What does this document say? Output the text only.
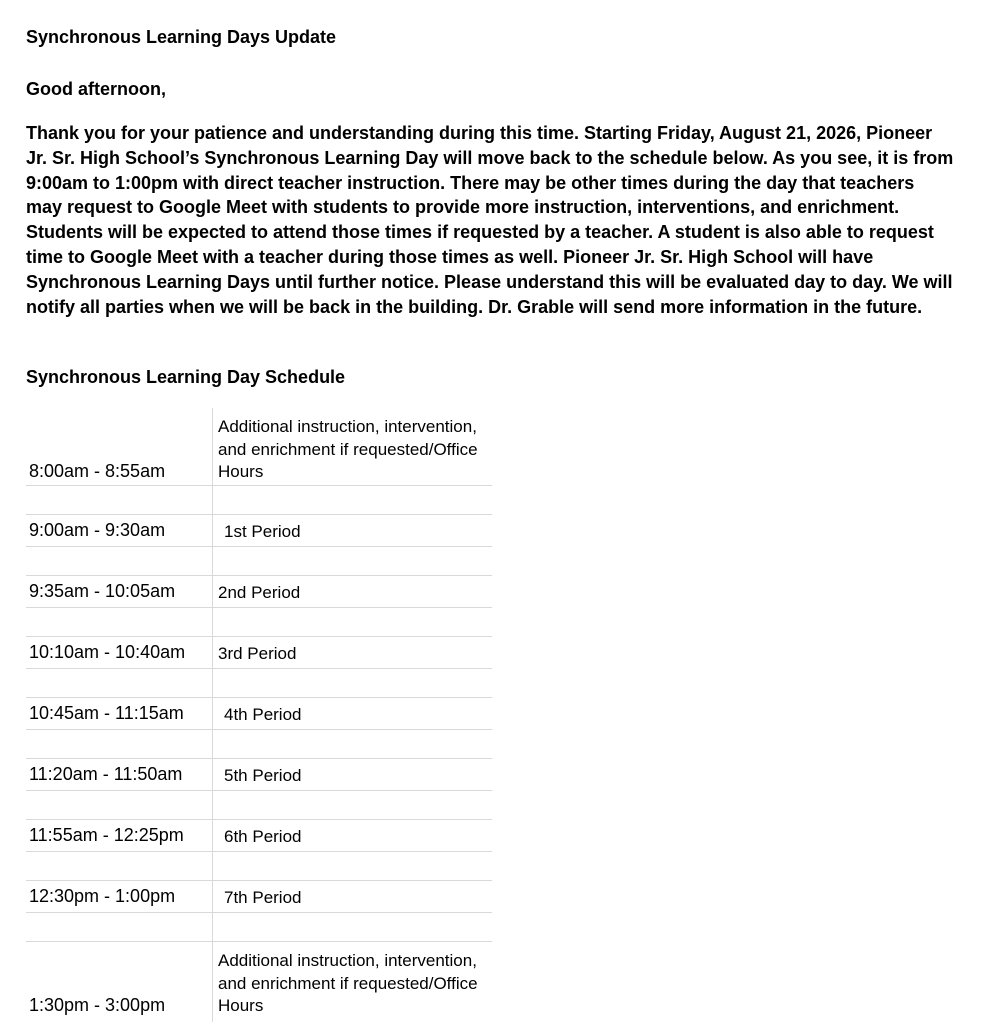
Synchronous Learning Days Update

Good afternoon,

Thank you for your patience and understanding during this time. Starting Friday, August 21, 2026, Pioneer Jr. Sr. High School’s Synchronous Learning Day will move back to the schedule below. As you see, it is from 9:00am to 1:00pm with direct teacher instruction. There may be other times during the day that teachers may request to Google Meet with students to provide more instruction, interventions, and enrichment. Students will be expected to attend those times if requested by a teacher. A student is also able to request time to Google Meet with a teacher during those times as well. Pioneer Jr. Sr. High School will have Synchronous Learning Days until further notice. Please understand this will be evaluated day to day. We will notify all parties when we will be back in the building. Dr. Grable will send more information in the future.

Synchronous Learning Day Schedule
8:00am - 8:55am
Additional instruction, intervention, and enrichment if requested/Office Hours
9:00am - 9:30am	1st Period
9:35am - 10:05am	2nd Period
10:10am - 10:40am 3rd Period
10:45am - 11:15am 4th Period
11:20am - 11:50am 5th Period
11:55am - 12:25pm 6th Period
12:30pm - 1:00pm	7th Period
1:30pm - 3:00pm
Additional instruction, intervention, and enrichment if requested/Office Hours
